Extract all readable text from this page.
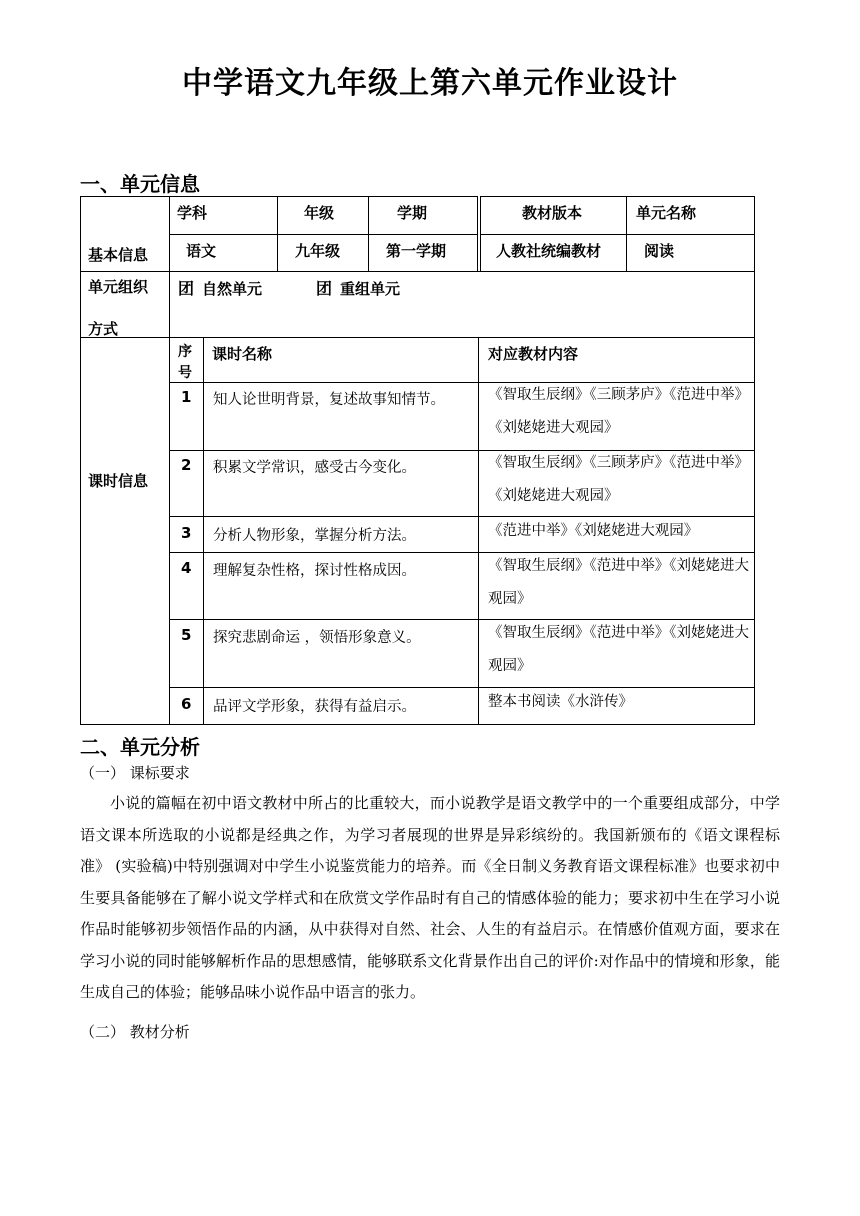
中学语文九年级上第六单元作业设计
一、单元信息
基本信息
学科	年级	学期	教材版本	单元名称
语文	九年级	第一学期	人教社统编教材	阅读
单元组织
方式
团 自然单元	团 重组单元
课时信息
序
号
课时名称	对应教材内容
1 知人论世明背景，复述故事知情节。	《智取生辰纲》《三顾茅庐》《范进中举》《刘姥姥进大观园》
2 积累文学常识，感受古今变化。	《智取生辰纲》《三顾茅庐》《范进中举》《刘姥姥进大观园》
3 分析人物形象，掌握分析方法。	《范进中举》《刘姥姥进大观园》
4 理解复杂性格，探讨性格成因。	《智取生辰纲》《范进中举》《刘姥姥进大观园》
5 探究悲剧命运 ，领悟形象意义。	《智取生辰纲》《范进中举》《刘姥姥进大观园》
6 品评文学形象，获得有益启示。	整本书阅读《水浒传》
二、单元分析
（一） 课标要求
小说的篇幅在初中语文教材中所占的比重较大，而小说教学是语文教学中的一个重要组成部分，中学语文课本所选取的小说都是经典之作，为学习者展现的世界是异彩缤纷的。我国新颁布的《语文课程标准》 (实验稿)中特别强调对中学生小说鉴赏能力的培养。而《全日制义务教育语文课程标准》也要求初中生要具备能够在了解小说文学样式和在欣赏文学作品时有自己的情感体验的能力；要求初中生在学习小说作品时能够初步领悟作品的内涵，从中获得对自然、社会、人生的有益启示。在情感价值观方面，要求在学习小说的同时能够解析作品的思想感情，能够联系文化背景作出自己的评价:对作品中的情境和形象，能生成自己的体验；能够品味小说作品中语言的张力。
（二） 教材分析
